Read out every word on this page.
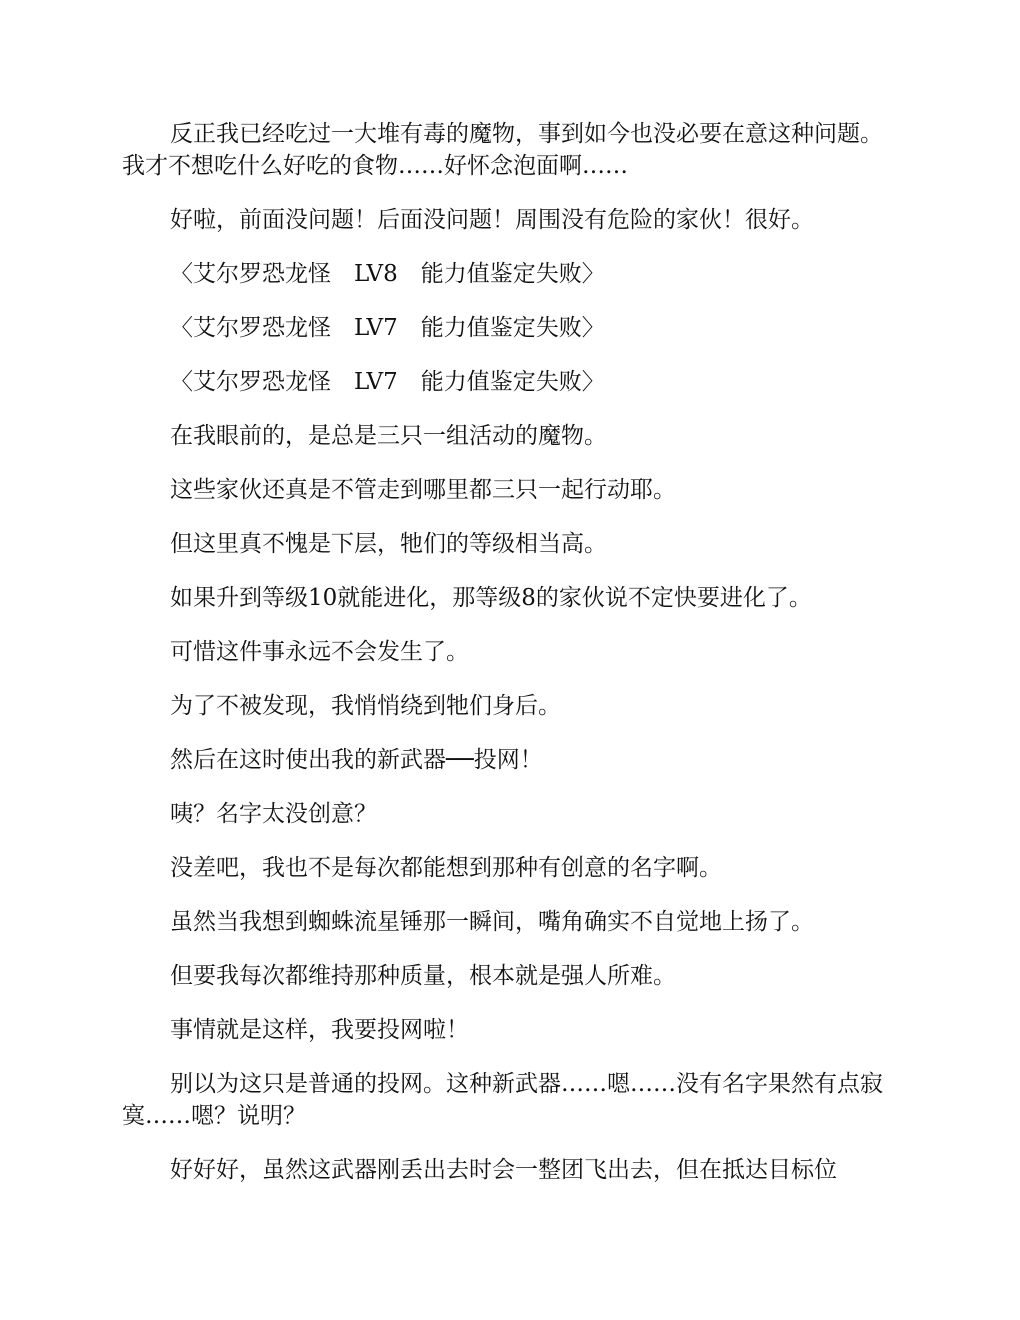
反正我已经吃过一大堆有毒的魔物，事到如今也没必要在意这种问题。我才不想吃什么好吃的食物……好怀念泡面啊……

好啦，前面没问题！后面没问题！周围没有危险的家伙！很好。

〈艾尔罗恐龙怪　LV8　能力值鉴定失败〉

〈艾尔罗恐龙怪　LV7　能力值鉴定失败〉

〈艾尔罗恐龙怪　LV7　能力值鉴定失败〉

在我眼前的，是总是三只一组活动的魔物。

这些家伙还真是不管走到哪里都三只一起行动耶。

但这里真不愧是下层，牠们的等级相当高。

如果升到等级10就能进化，那等级8的家伙说不定快要进化了。

可惜这件事永远不会发生了。

为了不被发现，我悄悄绕到牠们身后。

然后在这时使出我的新武器──投网！

咦？名字太没创意？

没差吧，我也不是每次都能想到那种有创意的名字啊。

虽然当我想到蜘蛛流星锤那一瞬间，嘴角确实不自觉地上扬了。

但要我每次都维持那种质量，根本就是强人所难。

事情就是这样，我要投网啦！

别以为这只是普通的投网。这种新武器……嗯……没有名字果然有点寂寞……嗯？说明？

好好好，虽然这武器刚丢出去时会一整团飞出去，但在抵达目标位
